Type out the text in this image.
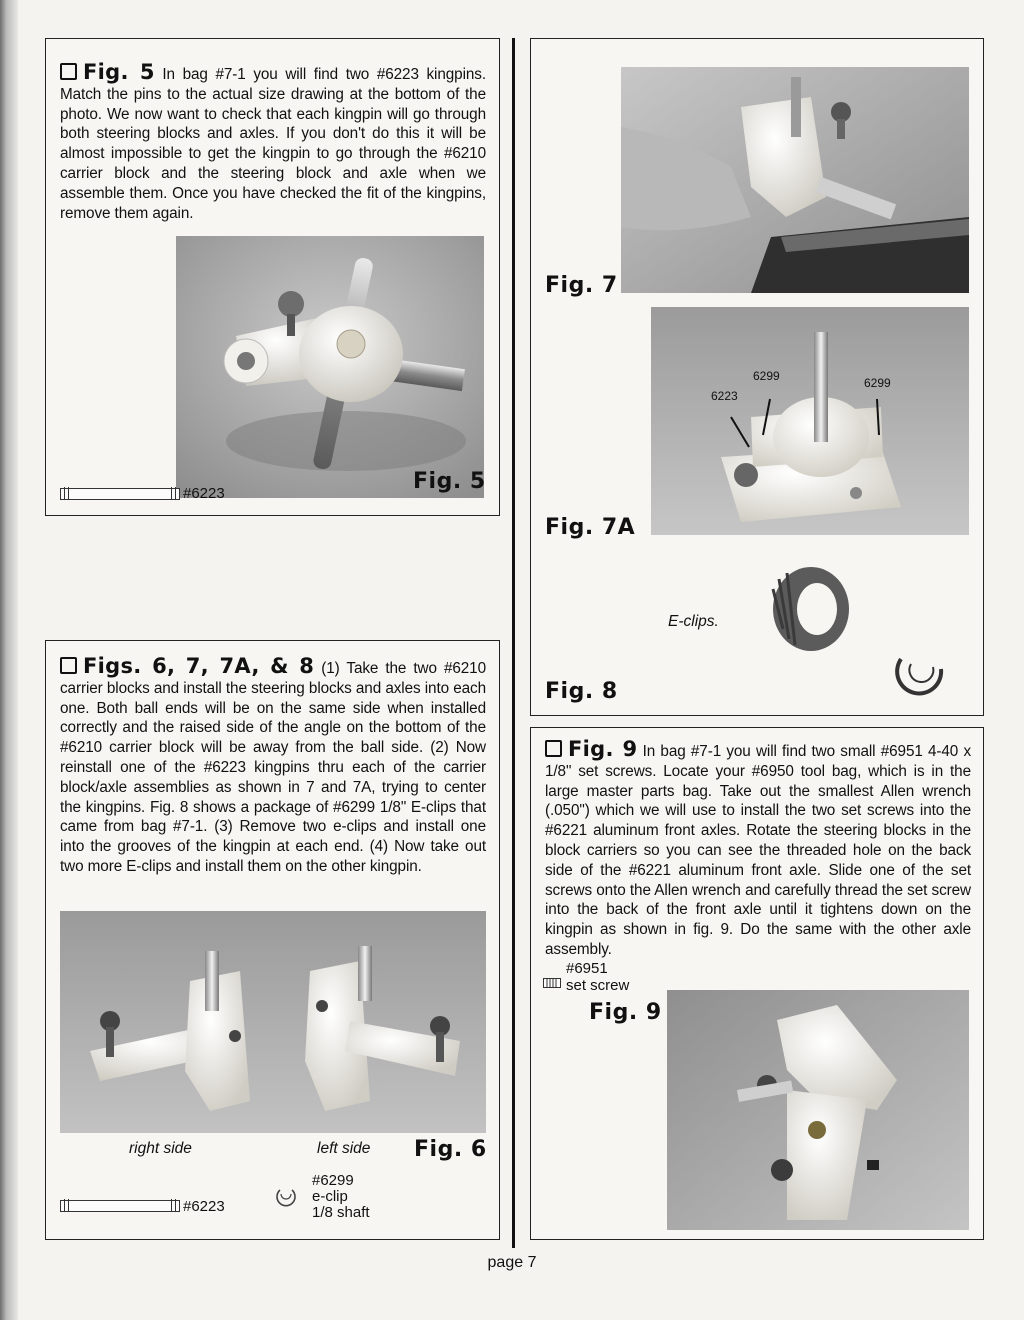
Fig. 5 In bag #7-1 you will find two #6223 kingpins. Match the pins to the actual size drawing at the bottom of the photo. We now want to check that each kingpin will go through both steering blocks and axles. If you don't do this it will be almost impossible to get the kingpin to go through the #6210 carrier block and the steering block and axle when we assemble them. Once you have checked the fit of the kingpins, remove them again.
#6223	Fig. 5
Figs. 6, 7, 7A, & 8 (1) Take the two #6210 carrier blocks and install the steering blocks and axles into each one. Both ball ends will be on the same side when installed correctly and the raised side of the angle on the bottom of the #6210 carrier block will be away from the ball side. (2) Now reinstall one of the #6223 kingpins thru each of the carrier block/axle assemblies as shown in 7 and 7A, trying to center the kingpins. Fig. 8 shows a package of #6299 1/8" E-clips that came from bag #7-1. (3) Remove two e-clips and install one into the grooves of the kingpin at each end. (4) Now take out two more E-clips and install them on the other kingpin.
right side	left side Fig. 6
#6223
#6299
e-clip
1/8 shaft
Fig. 7
6223
6299	6299
Fig. 7A
E-clips.
Fig. 8
Fig. 9 In bag #7-1 you will find two small #6951 4-40 x 1/8" set screws. Locate your #6950 tool bag, which is in the large master parts bag. Take out the smallest Allen wrench (.050") which we will use to install the two set screws into the #6221 aluminum front axles. Rotate the steering blocks in the block carriers so you can see the threaded hole on the back side of the #6221 aluminum front axle. Slide one of the set screws onto the Allen wrench and carefully thread the set screw into the back of the front axle until it tightens down on the kingpin as shown in fig. 9. Do the same with the other axle assembly.
#6951
set screw
Fig. 9
page 7
